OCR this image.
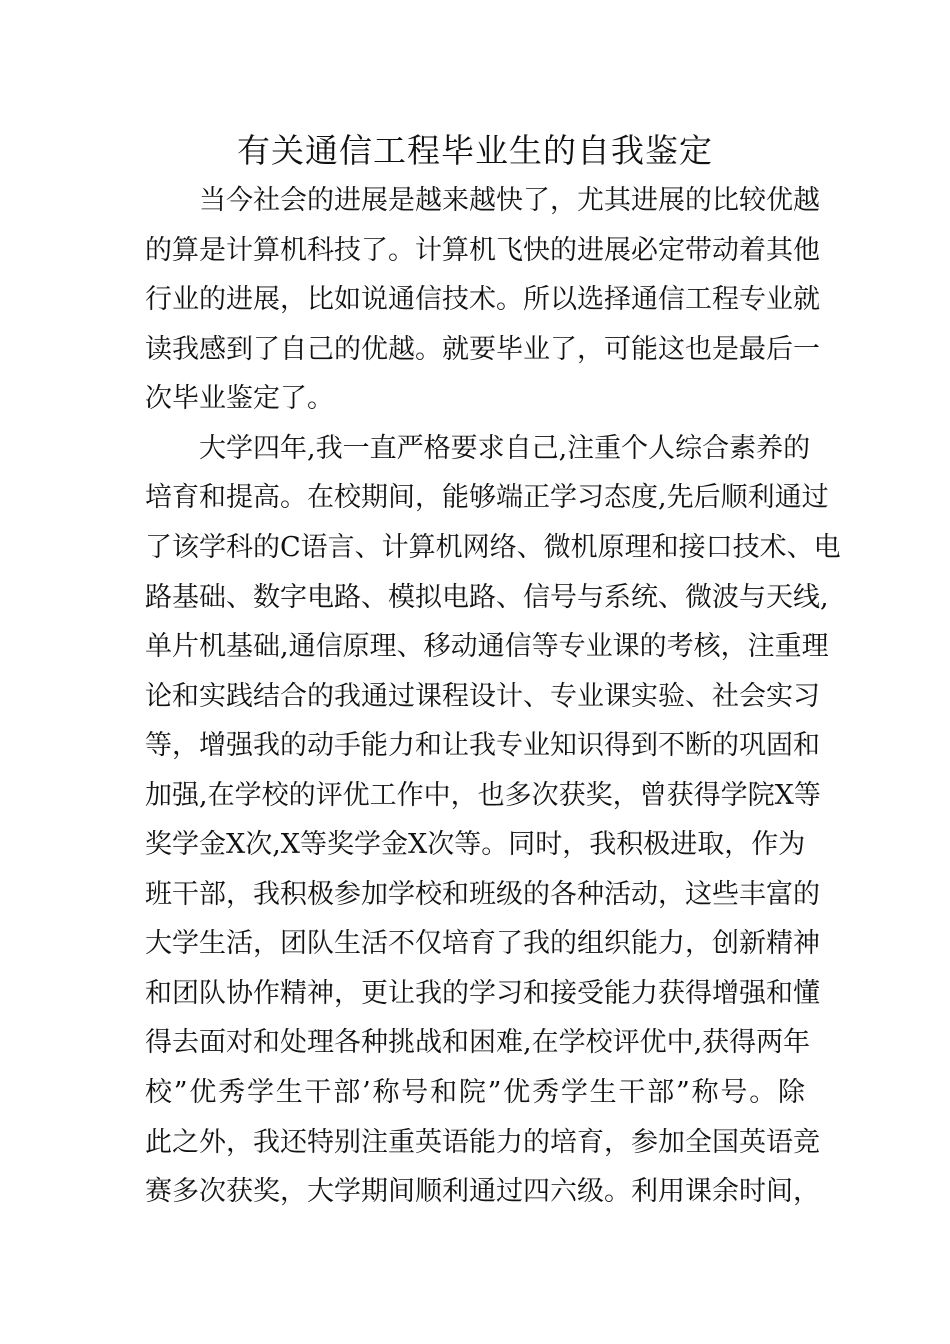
有关通信工程毕业生的自我鉴定

当今社会的进展是越来越快了，尤其进展的比较优越

的算是计算机科技了。计算机飞快的进展必定带动着其他

行业的进展，比如说通信技术。所以选择通信工程专业就

读我感到了自己的优越。就要毕业了，可能这也是最后一

次毕业鉴定了。

大学四年,我一直严格要求自己,注重个人综合素养的

培育和提高。在校期间，能够端正学习态度,先后顺利通过

了该学科的C语言、计算机网络、微机原理和接口技术、电

路基础、数字电路、模拟电路、信号与系统、微波与天线,

单片机基础,通信原理、移动通信等专业课的考核，注重理

论和实践结合的我通过课程设计、专业课实验、社会实习

等，增强我的动手能力和让我专业知识得到不断的巩固和

加强,在学校的评优工作中，也多次获奖，曾获得学院X等

奖学金X次,X等奖学金X次等。同时，我积极进取，作为

班干部，我积极参加学校和班级的各种活动，这些丰富的

大学生活，团队生活不仅培育了我的组织能力，创新精神

和团队协作精神，更让我的学习和接受能力获得增强和懂

得去面对和处理各种挑战和困难,在学校评优中,获得两年

校”优秀学生干部’称号和院”优秀学生干部”称号。除

此之外，我还特别注重英语能力的培育，参加全国英语竞

赛多次获奖，大学期间顺利通过四六级。利用课余时间，
